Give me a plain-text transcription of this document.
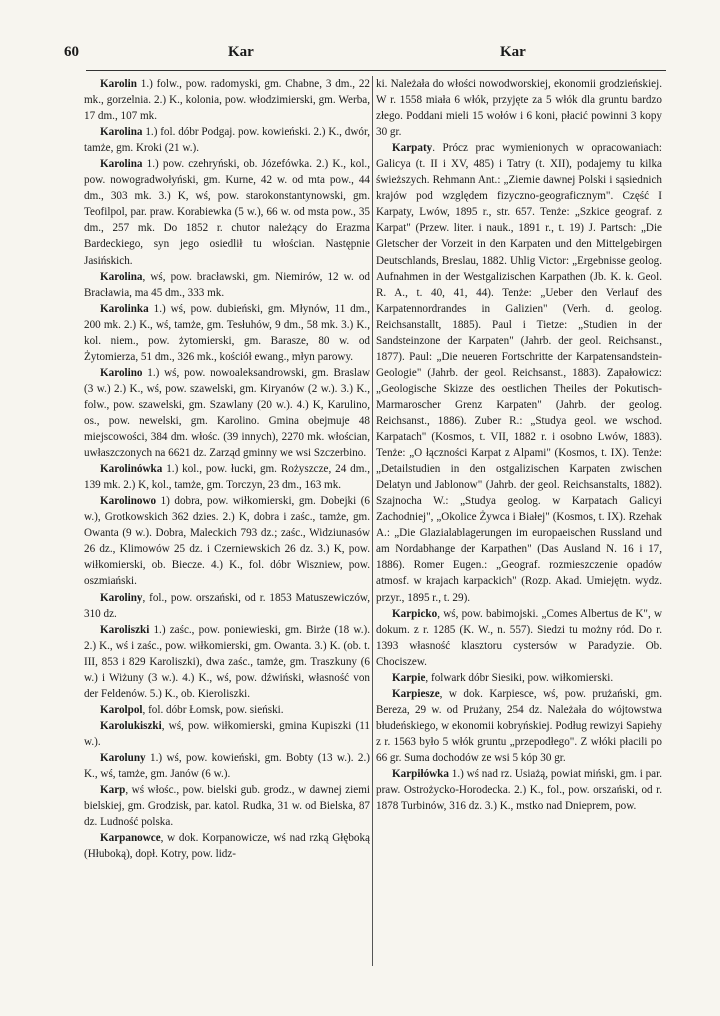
60	Kar	Kar

Karolin 1.) folw., pow. radomyski, gm. Chabne, 3 dm., 22 mk., gorzelnia. 2.) K., kolonia, pow. włodzimierski, gm. Werba, 17 dm., 107 mk.

Karolina 1.) fol. dóbr Podgaj. pow. kowieński. 2.) K., dwór, tamże, gm. Kroki (21 w.).

Karolina 1.) pow. czehryński, ob. Józefówka. 2.) K., kol., pow. nowogradwołyński, gm. Kurne, 42 w. od mta pow., 44 dm., 303 mk. 3.) K, wś, pow. starokonstantynowski, gm. Teofilpol, par. praw. Korabiewka (5 w.), 66 w. od msta pow., 35 dm., 257 mk. Do 1852 r. chutor należący do Erazma Bardeckiego, syn jego osiedlił tu włościan. Następnie Jasińskich.

Karolina, wś, pow. bracławski, gm. Niemirów, 12 w. od Bracławia, ma 45 dm., 333 mk.

Karolinka 1.) wś, pow. dubieński, gm. Młynów, 11 dm., 200 mk. 2.) K., wś, tamże, gm. Tesłuhów, 9 dm., 58 mk. 3.) K., kol. niem., pow. żytomierski, gm. Barasze, 80 w. od Żytomierza, 51 dm., 326 mk., kościół ewang., młyn parowy.

Karolino 1.) wś, pow. nowoaleksandrowski, gm. Braslaw (3 w.) 2.) K., wś, pow. szawelski, gm. Kiryanów (2 w.). 3.) K., folw., pow. szawelski, gm. Szawlany (20 w.). 4.) K, Karulino, os., pow. newelski, gm. Karolino. Gmina obejmuje 48 miejscowości, 384 dm. włośc. (39 innych), 2270 mk. włościan, uwłaszczonych na 6621 dz. Zarząd gminny we wsi Szczerbino.

Karolinówka 1.) kol., pow. łucki, gm. Rożyszcze, 24 dm., 139 mk. 2.) K, kol., tamże, gm. Torczyn, 23 dm., 163 mk.

Karolinowo 1) dobra, pow. wiłkomierski, gm. Dobejki (6 w.), Grotkowskich 362 dzies. 2.) K, dobra i zaśc., tamże, gm. Owanta (9 w.). Dobra, Maleckich 793 dz.; zaśc., Widziunasów 26 dz., Klimowów 25 dz. i Czerniewskich 26 dz. 3.) K, pow. wiłkomierski, ob. Biecze. 4.) K., fol. dóbr Wiszniew, pow. oszmiański.

Karoliny, fol., pow. orszański, od r. 1853 Matuszewiczów, 310 dz.

Karoliszki 1.) zaśc., pow. poniewieski, gm. Birże (18 w.). 2.) K., wś i zaśc., pow. wiłkomierski, gm. Owanta. 3.) K. (ob. t. III, 853 i 829 Karoliszki), dwa zaśc., tamże, gm. Traszkuny (6 w.) i Wiżuny (3 w.). 4.) K., wś, pow. dźwiński, własność von der Feldenów. 5.) K., ob. Kieroliszki.

Karolpol, fol. dóbr Łomsk, pow. sieński.

Karolukiszki, wś, pow. wiłkomierski, gmina Kupiszki (11 w.).

Karoluny 1.) wś, pow. kowieński, gm. Bobty (13 w.). 2.) K., wś, tamże, gm. Janów (6 w.).

Karp, wś włośc., pow. bielski gub. grodz., w dawnej ziemi bielskiej, gm. Grodzisk, par. katol. Rudka, 31 w. od Bielska, 87 dz. Ludność polska.

Karpanowce, w dok. Korpanowicze, wś nad rzką Głęboką (Hłuboką), dopł. Kotry, pow. lidz-

ki. Należała do włości nowodworskiej, ekonomii grodzieńskiej. W r. 1558 miała 6 włók, przyjęte za 5 włók dla gruntu bardzo złego. Poddani mieli 15 wołów i 6 koni, płacić powinni 3 kopy 30 gr.

Karpaty. Prócz prac wymienionych w opracowaniach: Galicya (t. II i XV, 485) i Tatry (t. XII), podajemy tu kilka świeższych. Rehmann Ant.: „Ziemie dawnej Polski i sąsiednich krajów pod względem fizyczno-geograficznym". Część I Karpaty, Lwów, 1895 r., str. 657. Tenże: „Szkice geograf. z Karpat" (Przew. liter. i nauk., 1891 r., t. 19) J. Partsch: „Die Gletscher der Vorzeit in den Karpaten und den Mittelgebirgen Deutschlands, Breslau, 1882. Uhlig Victor: „Ergebnisse geolog. Aufnahmen in der Westgalizischen Karpathen (Jb. K. k. Geol. R. A., t. 40, 41, 44). Tenże: „Ueber den Verlauf des Karpatennordrandes in Galizien" (Verh. d. geolog. Reichsanstallt, 1885). Paul i Tietze: „Studien in der Sandsteinzone der Karpaten" (Jahrb. der geol. Reichsanst., 1877). Paul: „Die neueren Fortschritte der Karpatensandstein-Geologie" (Jahrb. der geol. Reichsanst., 1883). Zapałowicz: „Geologische Skizze des oestlichen Theiles der Pokutisch-Marmaroscher Grenz Karpaten" (Jahrb. der geolog. Reichsanst., 1886). Zuber R.: „Studya geol. we wschod. Karpatach" (Kosmos, t. VII, 1882 r. i osobno Lwów, 1883). Tenże: „O łączności Karpat z Alpami" (Kosmos, t. IX). Tenże: „Detailstudien in den ostgalizischen Karpaten zwischen Delatyn und Jablonow" (Jahrb. der geol. Reichsanstalts, 1882). Szajnocha W.: „Studya geolog. w Karpatach Galicyi Zachodniej", „Okolice Żywca i Białej" (Kosmos, t. IX). Rzehak A.: „Die Glazialablagerungen im europaeischen Russland und am Nordabhange der Karpathen" (Das Ausland N. 16 i 17, 1886). Romer Eugen.: „Geograf. rozmieszczenie opadów atmosf. w krajach karpackich" (Rozp. Akad. Umiejętn. wydz. przyr., 1895 r., t. 29).

Karpicko, wś, pow. babimojski. „Comes Albertus de K", w dokum. z r. 1285 (K. W., n. 557). Siedzi tu możny ród. Do r. 1393 własność klasztoru cystersów w Paradyzie. Ob. Chociszew.

Karpie, folwark dóbr Siesiki, pow. wiłkomierski.

Karpiesze, w dok. Karpiesce, wś, pow. prużański, gm. Bereza, 29 w. od Prużany, 254 dz. Należała do wójtowstwa błudeńskiego, w ekonomii kobryńskiej. Podług rewizyi Sapiehy z r. 1563 było 5 włók gruntu „przepodłego". Z włóki płacili po 66 gr. Suma dochodów ze wsi 5 kóp 30 gr.

Karpiłówka 1.) wś nad rz. Usiażą, powiat miński, gm. i par. praw. Ostrożycko-Horodecka. 2.) K., fol., pow. orszański, od r. 1878 Turbinów, 316 dz. 3.) K., mstko nad Dnieprem, pow.
